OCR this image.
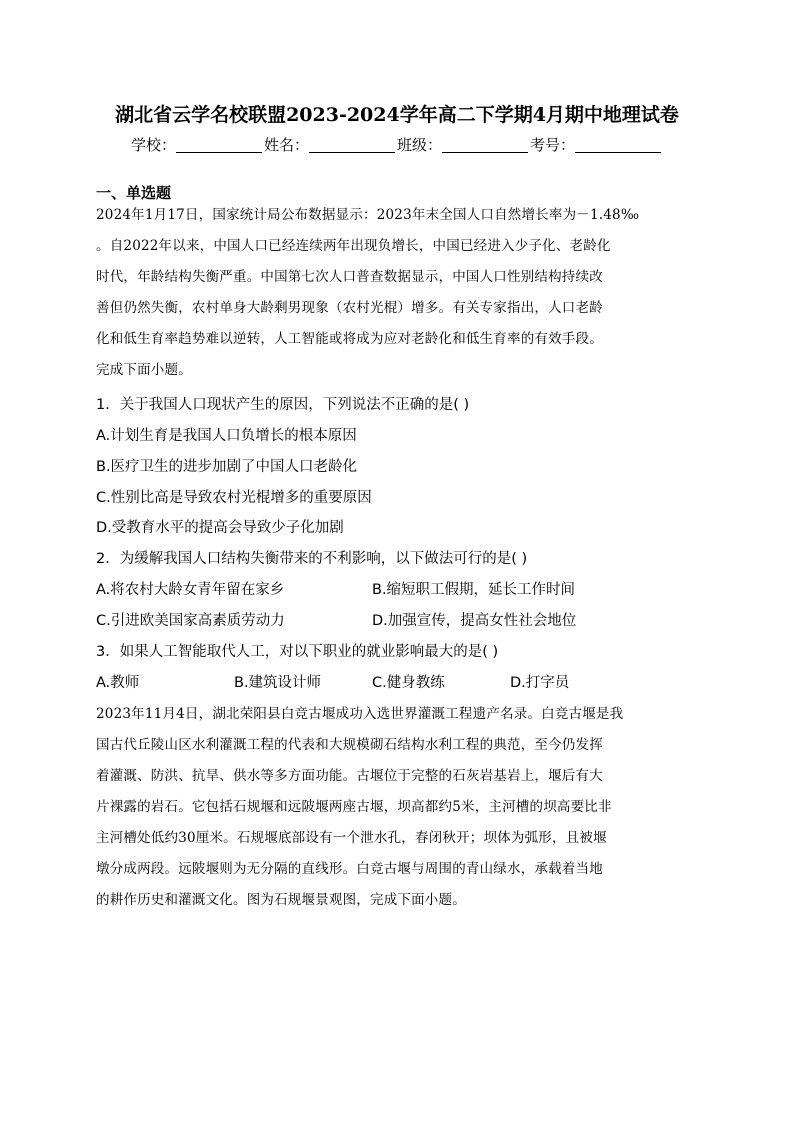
湖北省云学名校联盟2023-2024学年高二下学期4月期中地理试卷
学校：	姓名：	班级：	考号：
一、单选题
2024年1月17日，国家统计局公布数据显示：2023年末全国人口自然增长率为－1.48‰
。自2022年以来，中国人口已经连续两年出现负增长，中国已经进入少子化、老龄化
时代，年龄结构失衡严重。中国第七次人口普查数据显示，中国人口性别结构持续改
善但仍然失衡，农村单身大龄剩男现象（农村光棍）增多。有关专家指出，人口老龄
化和低生育率趋势难以逆转，人工智能或将成为应对老龄化和低生育率的有效手段。
完成下面小题。
1．关于我国人口现状产生的原因，下列说法不正确的是( )
A.计划生育是我国人口负增长的根本原因
B.医疗卫生的进步加剧了中国人口老龄化
C.性别比高是导致农村光棍增多的重要原因
D.受教育水平的提高会导致少子化加剧
2．为缓解我国人口结构失衡带来的不利影响，以下做法可行的是( )
A.将农村大龄女青年留在家乡	B.缩短职工假期，延长工作时间
C.引进欧美国家高素质劳动力	D.加强宣传，提高女性社会地位
3．如果人工智能取代人工，对以下职业的就业影响最大的是( )
A.教师	B.建筑设计师	C.健身教练	D.打字员
2023年11月4日，湖北荣阳县白竞古堰成功入选世界灌溉工程遗产名录。白竞古堰是我
国古代丘陵山区水利灌溉工程的代表和大规模砌石结构水利工程的典范，至今仍发挥
着灌溉、防洪、抗旱、供水等多方面功能。古堰位于完整的石灰岩基岩上，堰后有大
片裸露的岩石。它包括石规堰和远陂堰两座古堰，坝高都约5米，主河槽的坝高要比非
主河槽处低约30厘米。石规堰底部设有一个泄水孔，春闭秋开；坝体为弧形，且被堰
墩分成两段。远陂堰则为无分隔的直线形。白竞古堰与周围的青山绿水，承载着当地
的耕作历史和灌溉文化。图为石规堰景观图，完成下面小题。
